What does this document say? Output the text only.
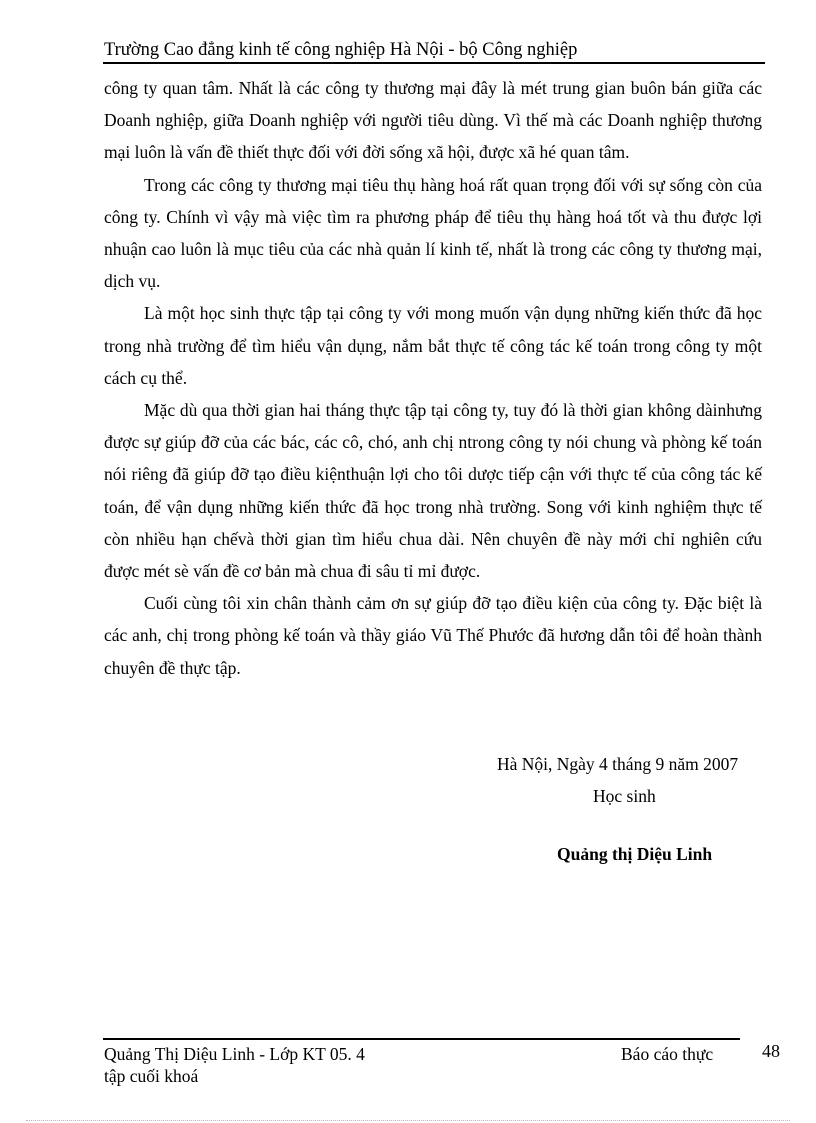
Trường Cao đẳng kinh tế công nghiệp Hà Nội - bộ Công nghiệp

công ty quan tâm. Nhất là các công ty thương mại đây là mét trung gian buôn bán giữa các Doanh nghiệp, giữa Doanh nghiệp với người tiêu dùng. Vì thế mà các Doanh nghiệp thương mại luôn là vấn đề thiết thực đối với đời sống xã hội, được xã hé quan tâm.

Trong các công ty thương mại tiêu thụ hàng hoá rất quan trọng đối với sự sống còn của công ty. Chính vì vậy mà việc tìm ra phương pháp để tiêu thụ hàng hoá tốt và thu được lợi nhuận cao luôn là mục tiêu của các nhà quản lí kinh tế, nhất là trong các công ty thương mại, dịch vụ.

Là một học sinh thực tập tại công ty với mong muốn vận dụng những kiến thức đã học trong nhà trường để tìm hiểu vận dụng, nắm bắt thực tế công tác kế toán trong công ty một cách cụ thể.

Mặc dù qua thời gian hai tháng thực tập tại công ty, tuy đó là thời gian không dàinhưng được sự giúp đỡ của các bác, các cô, chó, anh chị ntrong công ty nói chung và phòng kế toán nói riêng đã giúp đỡ tạo điều kiệnthuận lợi cho tôi dược tiếp cận với thực tế của công tác kế toán, để vận dụng những kiến thức đã học trong nhà trường. Song với kinh nghiệm thực tế còn nhiều hạn chếvà thời gian tìm hiểu chua dài. Nên chuyên đề này mới chỉ nghiên cứu được mét sè vấn đề cơ bản mà chua đi sâu tỉ mỉ được.

Cuối cùng tôi xin chân thành cảm ơn sự giúp đỡ tạo điều kiện của công ty. Đặc biệt là các anh, chị trong phòng kế toán và thầy giáo Vũ Thế Phước đã hương dẫn tôi để hoàn thành chuyên đề thực tập.

Hà Nội, Ngày 4 tháng 9 năm 2007
Học sinh
Quảng thị Diệu Linh
Quảng Thị Diệu Linh - Lớp KT 05. 4	Báo cáo thực
tập cuối khoá
48
